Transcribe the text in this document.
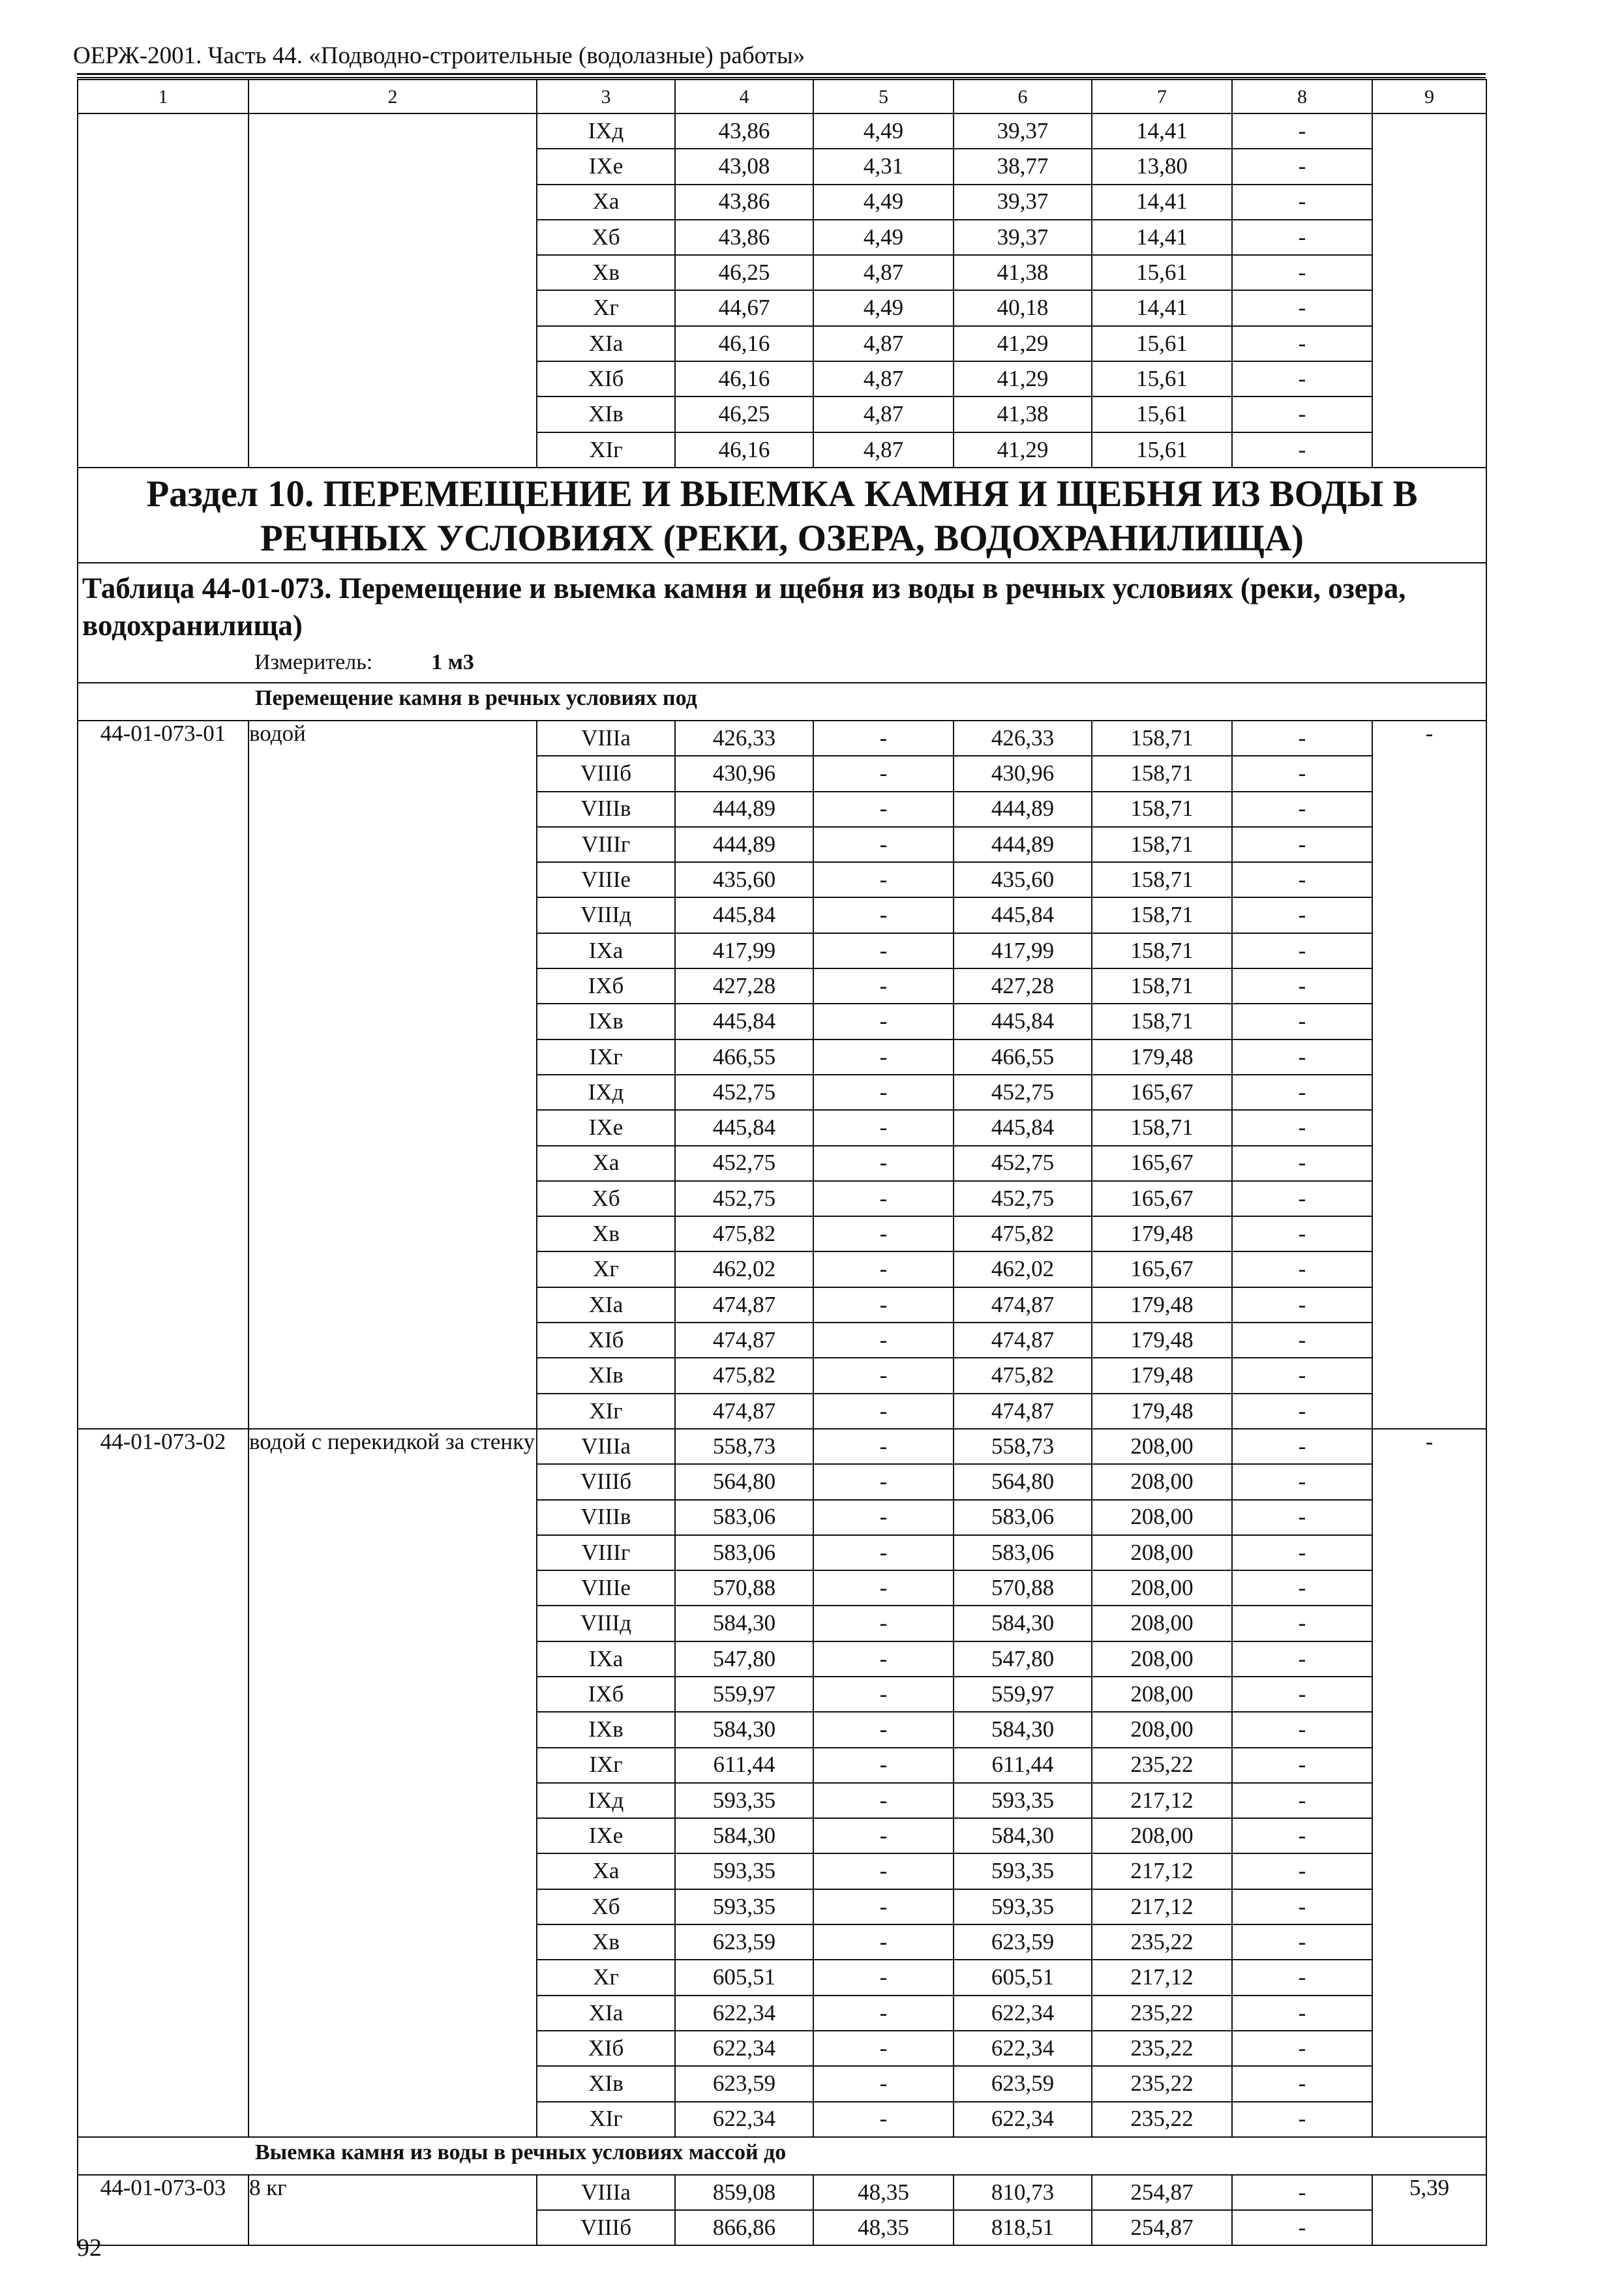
ОЕРЖ-2001. Часть 44. «Подводно-строительные (водолазные) работы»
1	2	3	4	5	6	7	8	9
		IXд	43,86	4,49	39,37	14,41	-	
		IXе	43,08	4,31	38,77	13,80	-	
		Xа	43,86	4,49	39,37	14,41	-	
		Xб	43,86	4,49	39,37	14,41	-	
		Xв	46,25	4,87	41,38	15,61	-	
		Xг	44,67	4,49	40,18	14,41	-	
		XIа	46,16	4,87	41,29	15,61	-	
		XIб	46,16	4,87	41,29	15,61	-	
		XIв	46,25	4,87	41,38	15,61	-	
		XIг	46,16	4,87	41,29	15,61	-	

Раздел 10. ПЕРЕМЕЩЕНИЕ И ВЫЕМКА КАМНЯ И ЩЕБНЯ ИЗ ВОДЫ В РЕЧНЫХ УСЛОВИЯХ (РЕКИ, ОЗЕРА, ВОДОХРАНИЛИЩА)								

Таблица 44-01-073. Перемещение и выемка камня и щебня из воды в речных условиях (реки, озера, водохранилища)
Измеритель: 1 м3								

Перемещение камня в речных условиях под								
44-01-073-01	водой	VIIIа	426,33	-	426,33	158,71	-	-
		VIIIб	430,96	-	430,96	158,71	-	
		VIIIв	444,89	-	444,89	158,71	-	
		VIIIг	444,89	-	444,89	158,71	-	
		VIIIе	435,60	-	435,60	158,71	-	
		VIIIд	445,84	-	445,84	158,71	-	
		IXа	417,99	-	417,99	158,71	-	
		IXб	427,28	-	427,28	158,71	-	
		IXв	445,84	-	445,84	158,71	-	
		IXг	466,55	-	466,55	179,48	-	
		IXд	452,75	-	452,75	165,67	-	
		IXе	445,84	-	445,84	158,71	-	
		Xа	452,75	-	452,75	165,67	-	
		Xб	452,75	-	452,75	165,67	-	
		Xв	475,82	-	475,82	179,48	-	
		Xг	462,02	-	462,02	165,67	-	
		XIа	474,87	-	474,87	179,48	-	
		XIб	474,87	-	474,87	179,48	-	
		XIв	475,82	-	475,82	179,48	-	
		XIг	474,87	-	474,87	179,48	-	
44-01-073-02	водой с перекидкой за стенку	VIIIа	558,73	-	558,73	208,00	-	-
		VIIIб	564,80	-	564,80	208,00	-	
		VIIIв	583,06	-	583,06	208,00	-	
		VIIIг	583,06	-	583,06	208,00	-	
		VIIIе	570,88	-	570,88	208,00	-	
		VIIIд	584,30	-	584,30	208,00	-	
		IXа	547,80	-	547,80	208,00	-	
		IXб	559,97	-	559,97	208,00	-	
		IXв	584,30	-	584,30	208,00	-	
		IXг	611,44	-	611,44	235,22	-	
		IXд	593,35	-	593,35	217,12	-	
		IXе	584,30	-	584,30	208,00	-	
		Xа	593,35	-	593,35	217,12	-	
		Xб	593,35	-	593,35	217,12	-	
		Xв	623,59	-	623,59	235,22	-	
		Xг	605,51	-	605,51	217,12	-	
		XIа	622,34	-	622,34	235,22	-	
		XIб	622,34	-	622,34	235,22	-	
		XIв	623,59	-	623,59	235,22	-	
		XIг	622,34	-	622,34	235,22	-	
Выемка камня из воды в речных условиях массой до								
44-01-073-03	8 кг	VIIIа	859,08	48,35	810,73	254,87	-	5,39
		VIIIб	866,86	48,35	818,51	254,87	-	
92
